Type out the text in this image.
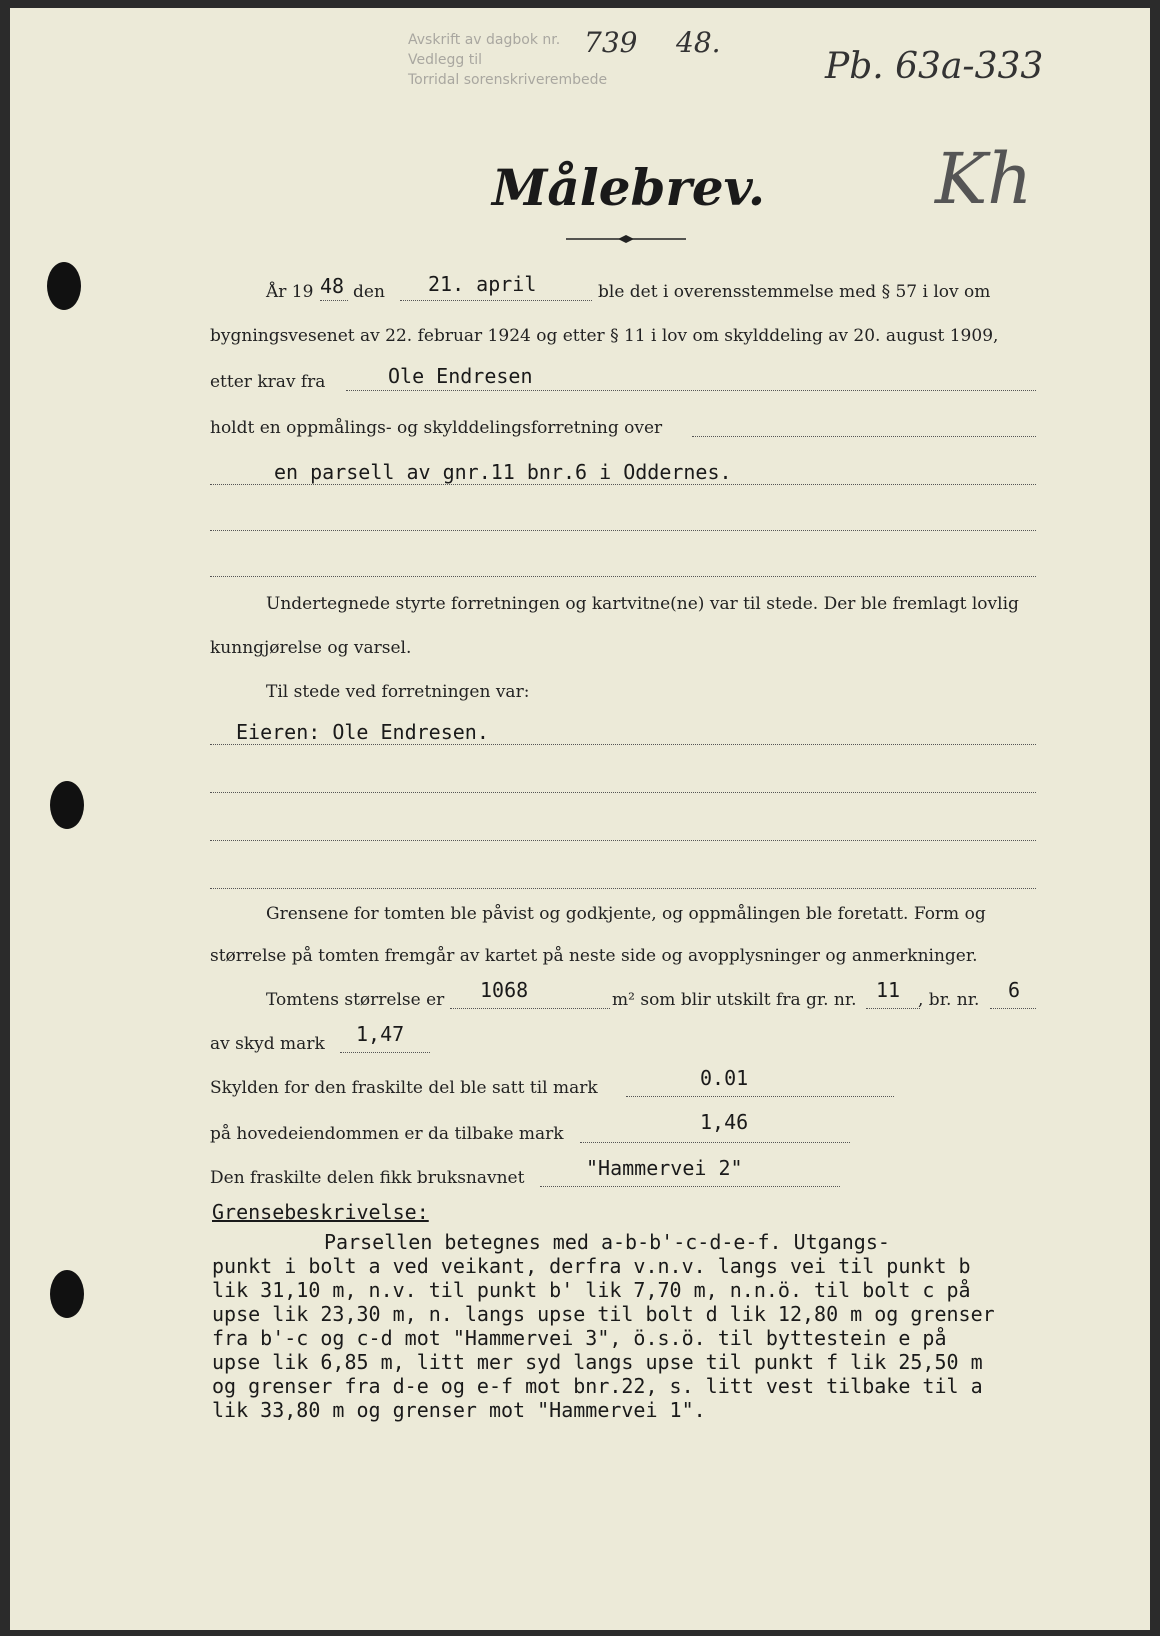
Avskrift av dagbok nr.
Vedlegg til
Torridal sorenskriverembede
739 48.
Pb. 63a-333
Kh
Målebrev.
År 19 48 den 21. april	ble det i overensstemmelse med § 57 i lov om
bygningsvesenet av 22. februar 1924 og etter § 11 i lov om skylddeling av 20. august 1909,
etter krav fra	Ole Endresen
holdt en oppmålings- og skylddelingsforretning over
en parsell av gnr.11 bnr.6 i Oddernes.
Undertegnede styrte forretningen og kartvitne(ne) var til stede. Der ble fremlagt lovlig
kunngjørelse og varsel.
Til stede ved forretningen var:
Eieren: Ole Endresen.
Grensene for tomten ble påvist og godkjente, og oppmålingen ble foretatt. Form og
størrelse på tomten fremgår av kartet på neste side og avopplysninger og anmerkninger.
Tomtens størrelse er 1068	m² som blir utskilt fra gr. nr. 11 , br. nr. 6
av skyd mark 1,47
Skylden for den fraskilte del ble satt til mark	0.01
på hovedeiendommen er da tilbake mark	1,46
Den fraskilte delen fikk bruksnavnet	"Hammervei 2"
Grensebeskrivelse:
Parsellen betegnes med a-b-b'-c-d-e-f. Utgangs-
punkt i bolt a ved veikant, derfra v.n.v. langs vei til punkt b
lik 31,10 m, n.v. til punkt b' lik 7,70 m, n.n.ö. til bolt c på
upse lik 23,30 m, n. langs upse til bolt d lik 12,80 m og grenser
fra b'-c og c-d mot "Hammervei 3", ö.s.ö. til byttestein e på
upse lik 6,85 m, litt mer syd langs upse til punkt f lik 25,50 m
og grenser fra d-e og e-f mot bnr.22, s. litt vest tilbake til a
lik 33,80 m og grenser mot "Hammervei 1".
